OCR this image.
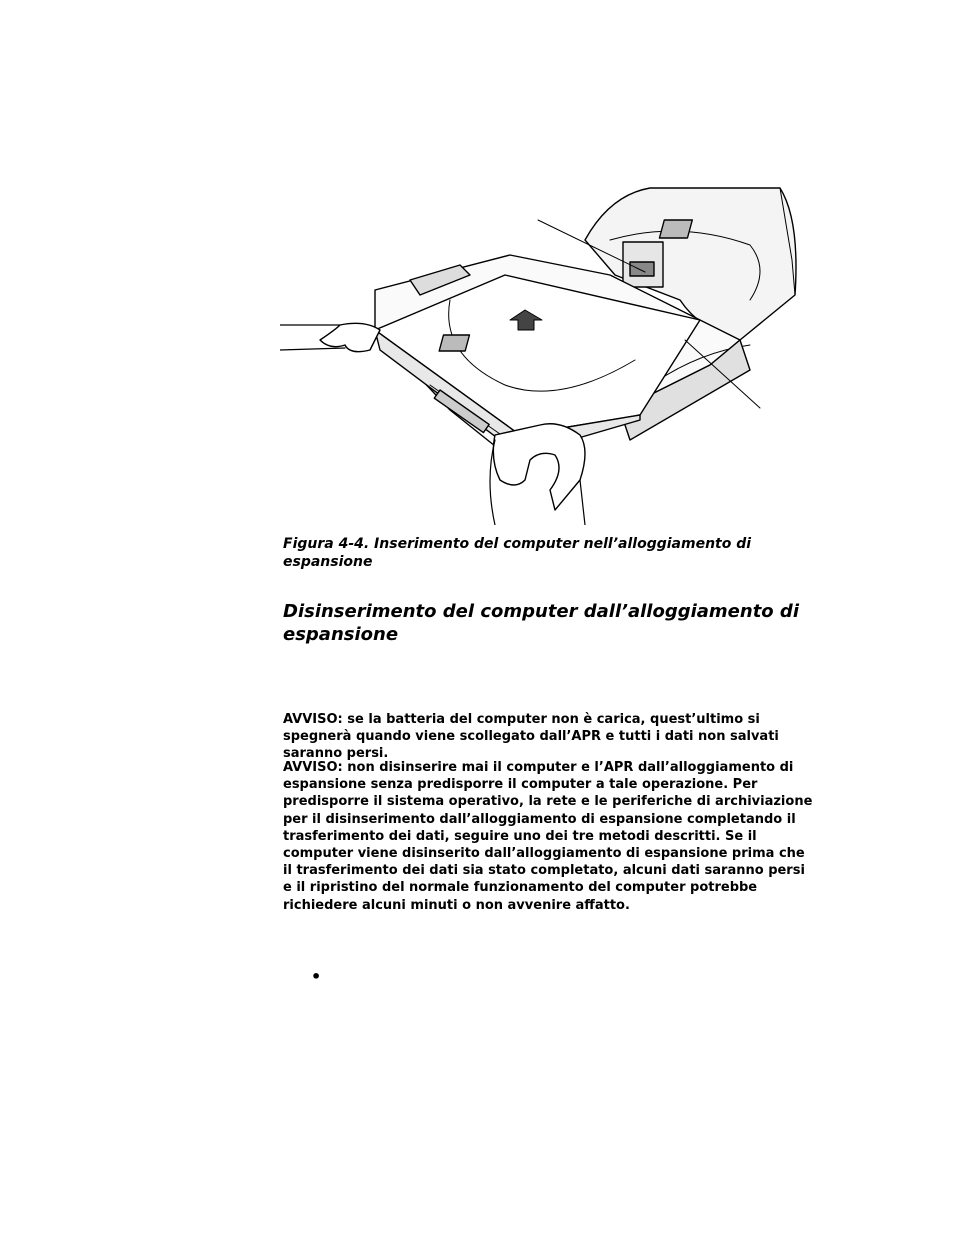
Figura 4-4. Inserimento del computer nell’alloggiamento di espansione
Disinserimento del computer dall’alloggiamento di espansione
AVVISO: se la batteria del computer non è carica, quest’ultimo si spegnerà quando viene scollegato dall’APR e tutti i dati non salvati saranno persi.
AVVISO: non disinserire mai il computer e l’APR dall’alloggiamento di espansione senza predisporre il computer a tale operazione. Per predisporre il sistema operativo, la rete e le periferiche di archiviazione per il disinserimento dall’alloggiamento di espansione completando il trasferimento dei dati, seguire uno dei tre metodi descritti. Se il computer viene disinserito dall’alloggiamento di espansione prima che il trasferimento dei dati sia stato completato, alcuni dati saranno persi e il ripristino del normale funzionamento del computer potrebbe richiedere alcuni minuti o non avvenire affatto.
•
